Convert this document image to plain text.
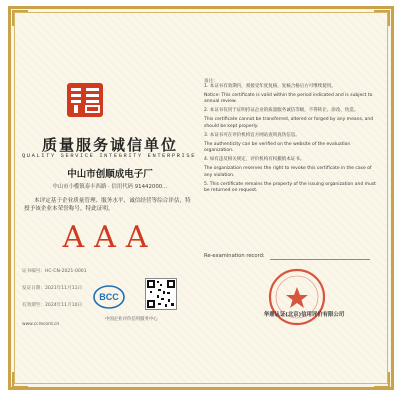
质量服务诚信单位
QUALITY SERVICE INTEGRITY ENTERPRISE
中山市创顺成电子厂
中山市小榄镇泰丰西路 · 信用代码 91442000…
本评定基于企业质量管理、服务水平、诚信经营等综合评估，特授予该企业本荣誉称号，特此证明。
AAA
证书编号：HC-CN-2021-0001
发证日期：2021年11月11日
有效期至：2024年11月10日
BCC
www.ccrecord.cn
中国企业评价信用服务中心
备注:

1. 本证书有效期内，须接受年度复核，复核合格后方可继续使用。

Notice: This certificate is valid within the period indicated and is subject to annual review.

2. 本证书仅用于证明持证企业的质量服务诚信等级，不得转让、涂改、伪造。

This certificate cannot be transferred, altered or forged by any means, and should be kept properly.

3. 本证书可在评价机构官方网站查询真伪信息。

The authenticity can be verified on the website of the evaluation organization.

4. 如有违反相关规定，评价机构有权撤销本证书。

The organization reserves the right to revoke this certificate in the case of any violation.

5. This certificate remains the property of the issuing organization and must be returned on request.

Re-examination record:
华鼎认证(北京)信用评价有限公司
